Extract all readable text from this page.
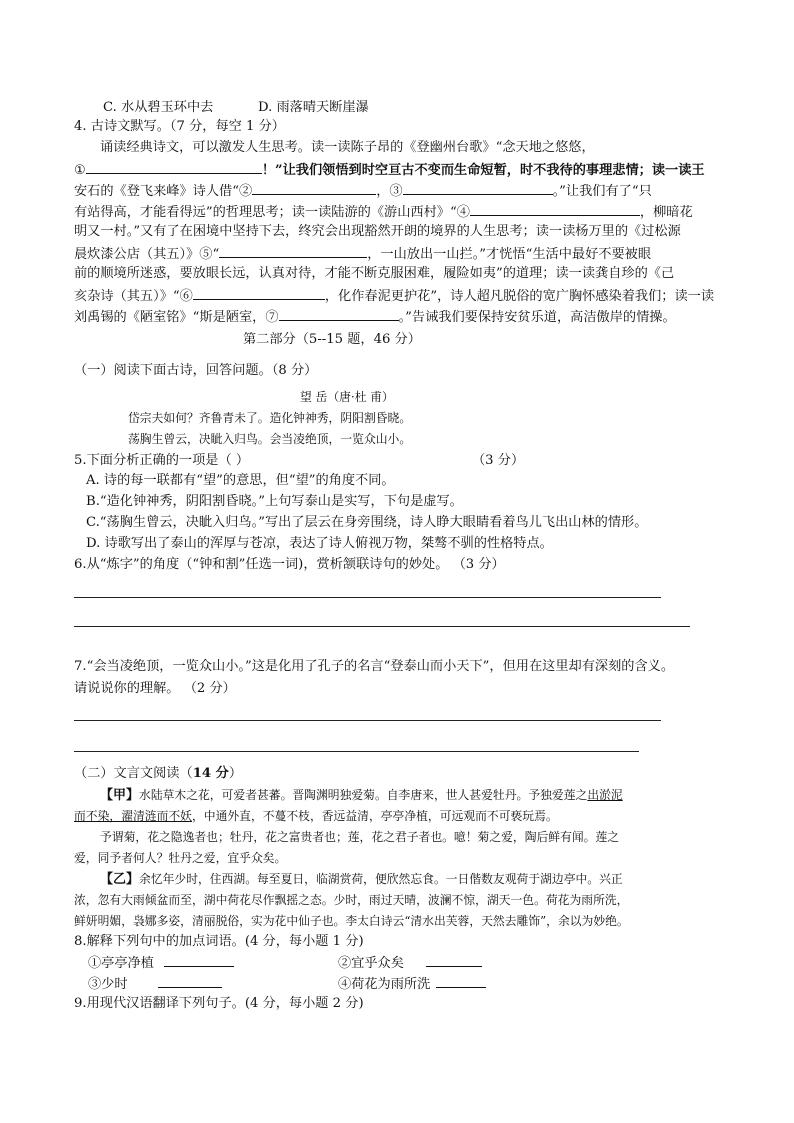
C. 水从碧玉环中去	D. 雨落晴天断崖瀑
4. 古诗文默写。（7 分，每空 1 分）
诵读经典诗文，可以激发人生思考。读一读陈子昂的《登幽州台歌》“念天地之悠悠，
①	！”让我们领悟到时空亘古不变而生命短暂，时不我待的事理悲情；读一读王
安石的《登飞来峰》诗人借“②	，③	。”让我们有了“只
有站得高，才能看得远”的哲理思考；读一读陆游的《游山西村》“④	，柳暗花
明又一村。”又有了在困境中坚持下去，终究会出现豁然开朗的境界的人生思考；读一读杨万里的《过松源
晨炊漆公店（其五）》⑤“	，一山放出一山拦。”才恍悟“生活中最好不要被眼
前的顺境所迷惑，要放眼长远，认真对待，才能不断克服困难，履险如夷”的道理；读一读龚自珍的《己
亥杂诗（其五）》“⑥	，化作春泥更护花”，诗人超凡脱俗的宽广胸怀感染着我们；读一读
刘禹锡的《陋室铭》“斯是陋室，⑦	。”告诫我们要保持安贫乐道，高洁傲岸的情操。
第二部分（5--15 题，46 分）
（一）阅读下面古诗，回答问题。（8 分）
望 岳（唐·杜 甫）
岱宗夫如何？齐鲁青未了。造化钟神秀，阴阳割昏晓。
荡胸生曾云，决眦入归鸟。会当凌绝顶，一览众山小。
5.下面分析正确的一项是（ ）	（3 分）
A. 诗的每一联都有“望”的意思，但“望”的角度不同。
B.“造化钟神秀，阴阳割昏晓。”上句写泰山是实写，下句是虚写。
C.“荡胸生曾云，决眦入归鸟。”写出了层云在身旁围绕，诗人睁大眼睛看着鸟儿飞出山林的情形。
D. 诗歌写出了泰山的浑厚与苍凉，表达了诗人俯视万物，桀骜不驯的性格特点。
6.从“炼字”的角度（“钟和割”任选一词)，赏析颔联诗句的妙处。 （3 分）
7.“会当凌绝顶，一览众山小。”这是化用了孔子的名言“登泰山而小天下”，但用在这里却有深刻的含义。
请说说你的理解。 （2 分）
（二）文言文阅读（14 分）
【甲】水陆草木之花，可爱者甚蕃。晋陶渊明独爱菊。自李唐来，世人甚爱牡丹。予独爱莲之出淤泥
而不染，濯清涟而不妖，中通外直，不蔓不枝，香远益清，亭亭净植，可远观而不可亵玩焉。
予谓菊，花之隐逸者也；牡丹，花之富贵者也；莲，花之君子者也。噫！菊之爱，陶后鲜有闻。莲之
爱，同予者何人？牡丹之爱，宜乎众矣。
【乙】余忆年少时，住西湖。每至夏日，临湖赏荷，便欣然忘食。一日偕数友观荷于湖边亭中。兴正
浓，忽有大雨倾盆而至，湖中荷花尽作飘摇之态。少时，雨过天晴，波澜不惊，湖天一色。荷花为雨所洗，
鲜妍明媚，袅娜多姿，清丽脱俗，实为花中仙子也。李太白诗云“清水出芙蓉，天然去雕饰”，余以为妙绝。
8.解释下列句中的加点词语。(4 分，每小题 1 分)
①亭亭净植	②宜乎众矣
③少时	④荷花为雨所洗
9.用现代汉语翻译下列句子。(4 分，每小题 2 分)
